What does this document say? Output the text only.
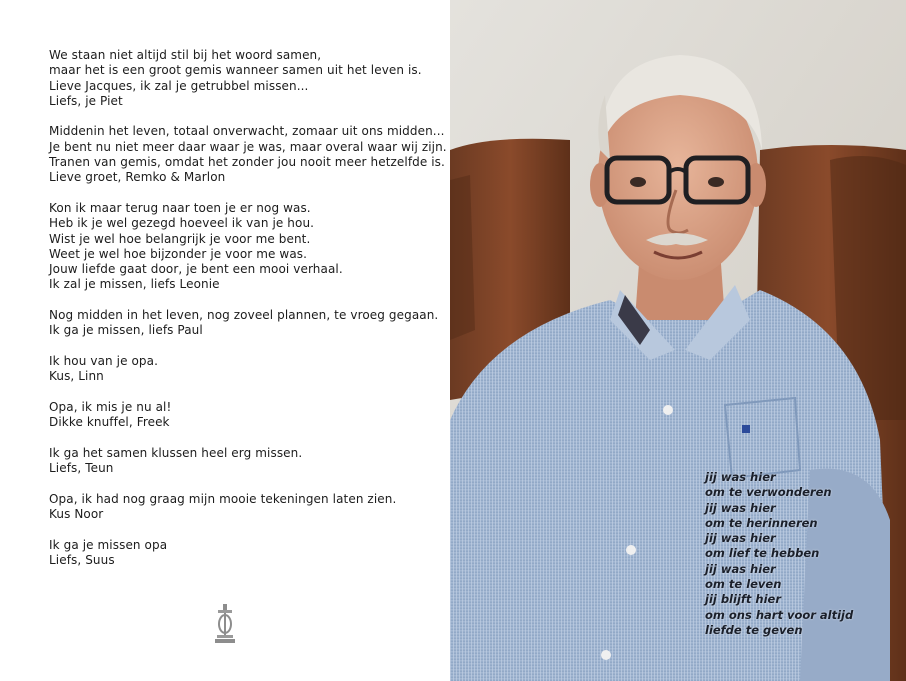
We staan niet altijd stil bij het woord samen,
maar het is een groot gemis wanneer samen uit het leven is.
Lieve Jacques, ik zal je getrubbel missen...
Liefs, je Piet
Middenin het leven, totaal onverwacht, zomaar uit ons midden...
Je bent nu niet meer daar waar je was, maar overal waar wij zijn.
Tranen van gemis, omdat het zonder jou nooit meer hetzelfde is.
Lieve groet, Remko & Marlon
Kon ik maar terug naar toen je er nog was.
Heb ik je wel gezegd hoeveel ik van je hou.
Wist je wel hoe belangrijk je voor me bent.
Weet je wel hoe bijzonder je voor me was.
Jouw liefde gaat door, je bent een mooi verhaal.
Ik zal je missen, liefs Leonie
Nog midden in het leven, nog zoveel plannen, te vroeg gegaan.
Ik ga je missen, liefs Paul
Ik hou van je opa.
Kus, Linn
Opa, ik mis je nu al!
Dikke knuffel, Freek
Ik ga het samen klussen heel erg missen.
Liefs, Teun
Opa, ik had nog graag mijn mooie tekeningen laten zien.
Kus Noor
Ik ga je missen opa
Liefs, Suus
jij was hier
om te verwonderen
jij was hier
om te herinneren
jij was hier
om lief te hebben
jij was hier
om te leven
jij blijft hier
om ons hart voor altijd
liefde te geven
